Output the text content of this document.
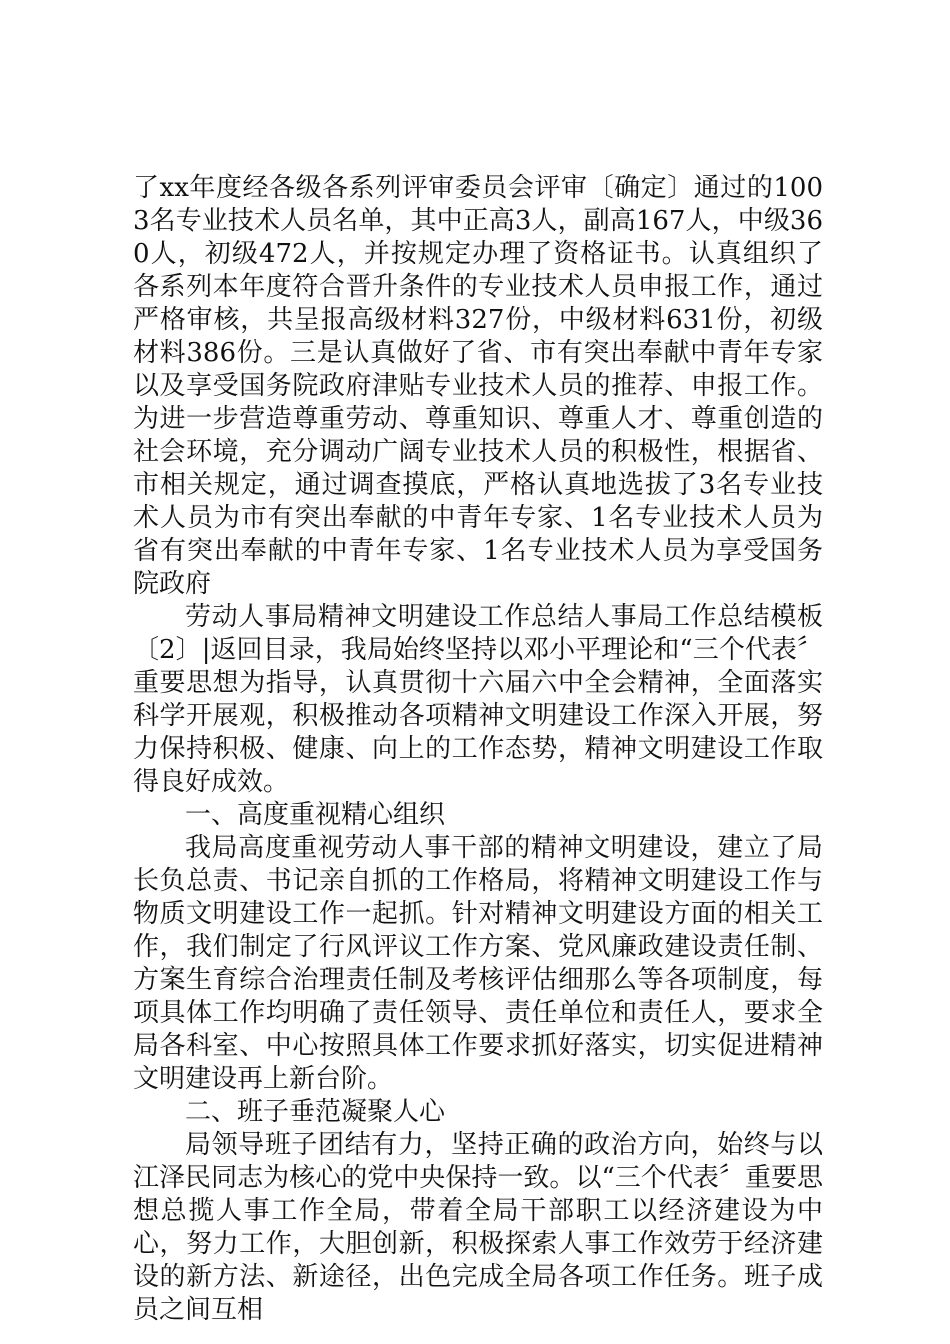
了xx年度经各级各系列评审委员会评审〔确定〕通过的1003名专业技术人员名单，其中正高3人，副高167人，中级360人，初级472人，并按规定办理了资格证书。认真组织了各系列本年度符合晋升条件的专业技术人员申报工作，通过严格审核，共呈报高级材料327份，中级材料631份，初级材料386份。三是认真做好了省、市有突出奉献中青年专家以及享受国务院政府津贴专业技术人员的推荐、申报工作。为进一步营造尊重劳动、尊重知识、尊重人才、尊重创造的社会环境，充分调动广阔专业技术人员的积极性，根据省、市相关规定，通过调查摸底，严格认真地选拔了3名专业技术人员为市有突出奉献的中青年专家、1名专业技术人员为省有突出奉献的中青年专家、1名专业技术人员为享受国务院政府

劳动人事局精神文明建设工作总结人事局工作总结模板〔2〕|返回目录，我局始终坚持以邓小平理论和“三个代表〞重要思想为指导，认真贯彻十六届六中全会精神，全面落实科学开展观，积极推动各项精神文明建设工作深入开展，努力保持积极、健康、向上的工作态势，精神文明建设工作取得良好成效。

一、高度重视精心组织

我局高度重视劳动人事干部的精神文明建设，建立了局长负总责、书记亲自抓的工作格局，将精神文明建设工作与物质文明建设工作一起抓。针对精神文明建设方面的相关工作，我们制定了行风评议工作方案、党风廉政建设责任制、方案生育综合治理责任制及考核评估细那么等各项制度，每项具体工作均明确了责任领导、责任单位和责任人，要求全局各科室、中心按照具体工作要求抓好落实，切实促进精神文明建设再上新台阶。

二、班子垂范凝聚人心

局领导班子团结有力，坚持正确的政治方向，始终与以江泽民同志为核心的党中央保持一致。以“三个代表〞重要思想总揽人事工作全局，带着全局干部职工以经济建设为中心，努力工作，大胆创新，积极探索人事工作效劳于经济建设的新方法、新途径，出色完成全局各项工作任务。班子成员之间互相
